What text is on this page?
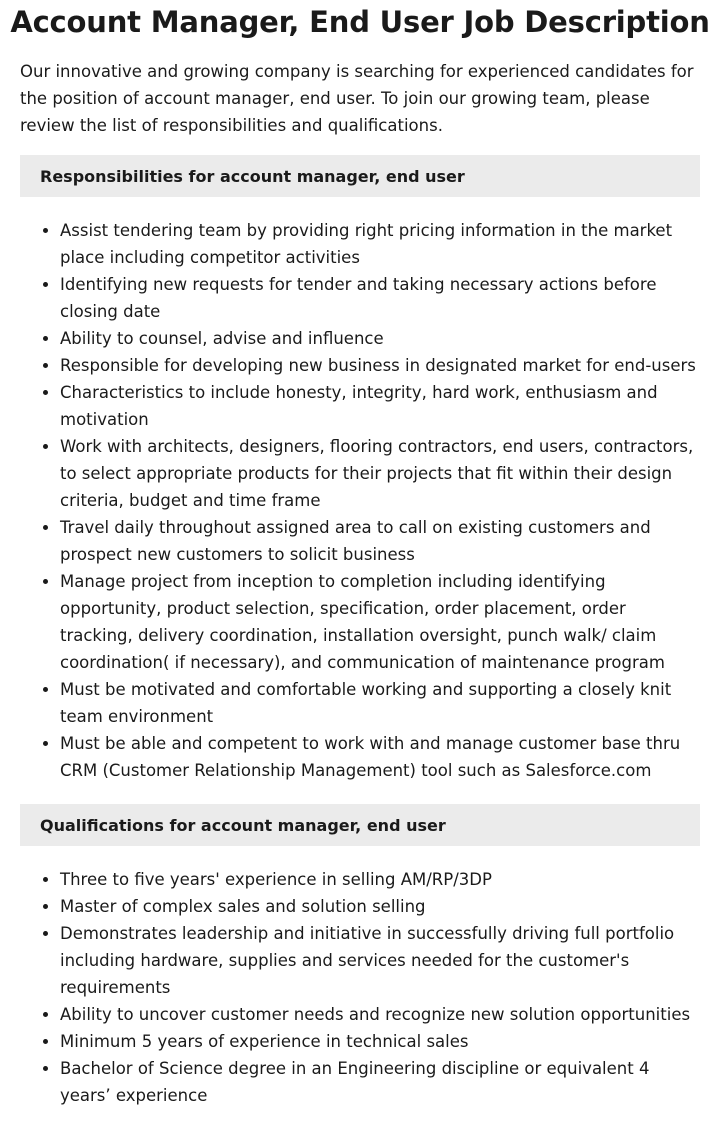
Account Manager, End User Job Description

Our innovative and growing company is searching for experienced candidates for the position of account manager, end user. To join our growing team, please review the list of responsibilities and qualifications.

Responsibilities for account manager, end user
• Assist tendering team by providing right pricing information in the market place including competitor activities
• Identifying new requests for tender and taking necessary actions before closing date
• Ability to counsel, advise and influence
• Responsible for developing new business in designated market for end-users
• Characteristics to include honesty, integrity, hard work, enthusiasm and motivation
• Work with architects, designers, flooring contractors, end users, contractors, to select appropriate products for their projects that fit within their design criteria, budget and time frame
• Travel daily throughout assigned area to call on existing customers and prospect new customers to solicit business
• Manage project from inception to completion including identifying opportunity, product selection, specification, order placement, order tracking, delivery coordination, installation oversight, punch walk/ claim coordination( if necessary), and communication of maintenance program
• Must be motivated and comfortable working and supporting a closely knit team environment
• Must be able and competent to work with and manage customer base thru CRM (Customer Relationship Management) tool such as Salesforce.com
Qualifications for account manager, end user
• Three to five years' experience in selling AM/RP/3DP
• Master of complex sales and solution selling
• Demonstrates leadership and initiative in successfully driving full portfolio including hardware, supplies and services needed for the customer's requirements
• Ability to uncover customer needs and recognize new solution opportunities
• Minimum 5 years of experience in technical sales
• Bachelor of Science degree in an Engineering discipline or equivalent 4 years’ experience
